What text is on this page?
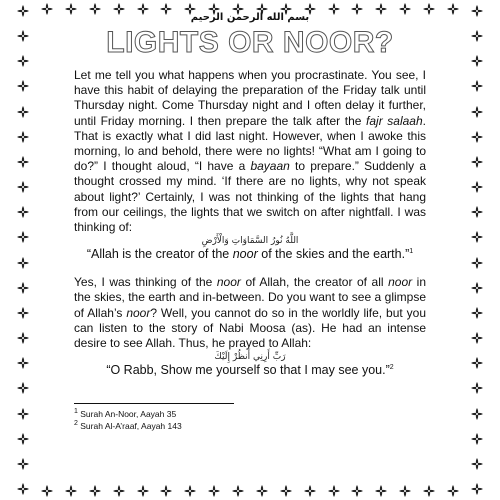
بسم الله الرحمن الرحيم
LIGHTS OR NOOR?

Let me tell you what happens when you procrastinate. You see, I have this habit of delaying the preparation of the Friday talk until Thursday night. Come Thursday night and I often delay it further, until Friday morning. I then prepare the talk after the fajr salaah. That is exactly what I did last night. However, when I awoke this morning, lo and behold, there were no lights! “What am I going to do?” I thought aloud, “I have a bayaan to prepare.” Suddenly a thought crossed my mind. ‘If there are no lights, why not speak about light?’ Certainly, I was not thinking of the lights that hang from our ceilings, the lights that we switch on after nightfall. I was thinking of:

اللَّهُ نُورُ السَّمَاوَاتِ وَالْأَرْضِ

“Allah is the creator of the noor of the skies and the earth.”$^1$

Yes, I was thinking of the noor of Allah, the creator of all noor in the skies, the earth and in-between. Do you want to see a glimpse of Allah’s noor? Well, you cannot do so in the worldly life, but you can listen to the story of Nabi Moosa (as). He had an intense desire to see Allah. Thus, he prayed to Allah:

رَبِّ أَرِنِي أَنظُرْ إِلَيْكَ

“O Rabb, Show me yourself so that I may see you.”$^2$

$^1$ Surah An-Noor, Aayah 35
$^2$ Surah Al-A’raaf, Aayah 143
